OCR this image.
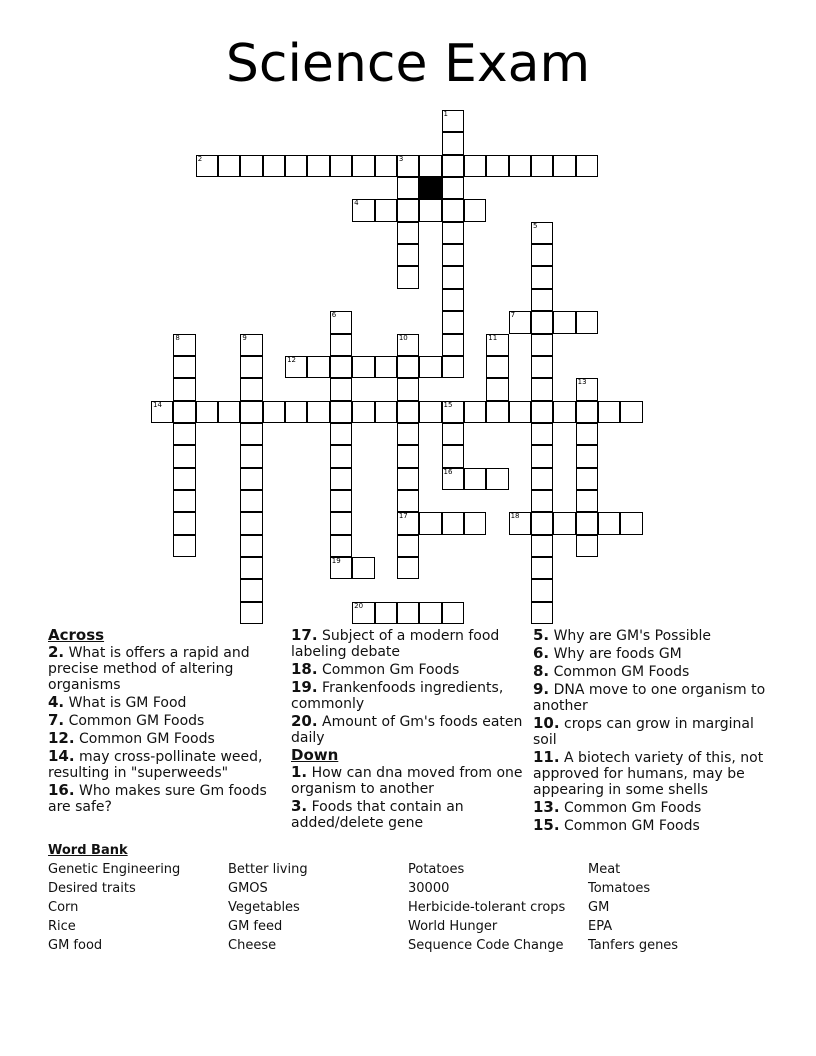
Science Exam
1
2	3
4
5
6
19
7
8	9	10
17
11
12
13
14	15
16
18
20
Across
2. What is offers a rapid and precise method of altering organisms
4. What is GM Food
7. Common GM Foods
12. Common GM Foods
14. may cross-pollinate weed, resulting in "superweeds"
16. Who makes sure Gm foods are safe?
17. Subject of a modern food labeling debate
18. Common Gm Foods
19. Frankenfoods ingredients, commonly
20. Amount of Gm's foods eaten daily
Down
1. How can dna moved from one organism to another
3. Foods that contain an added/delete gene
5. Why are GM's Possible
6. Why are foods GM
8. Common GM Foods
9. DNA move to one organism to another
10. crops can grow in marginal soil
11. A biotech variety of this, not approved for humans, may be appearing in some shells
13. Common Gm Foods
15. Common GM Foods
Word Bank
Genetic Engineering	Better living	Potatoes	Meat
Desired traits	GMOS	30000	Tomatoes
Corn	Vegetables	Herbicide-tolerant crops	GM
Rice	GM feed	World Hunger	EPA
GM food	Cheese	Sequence Code Change	Tanfers genes
